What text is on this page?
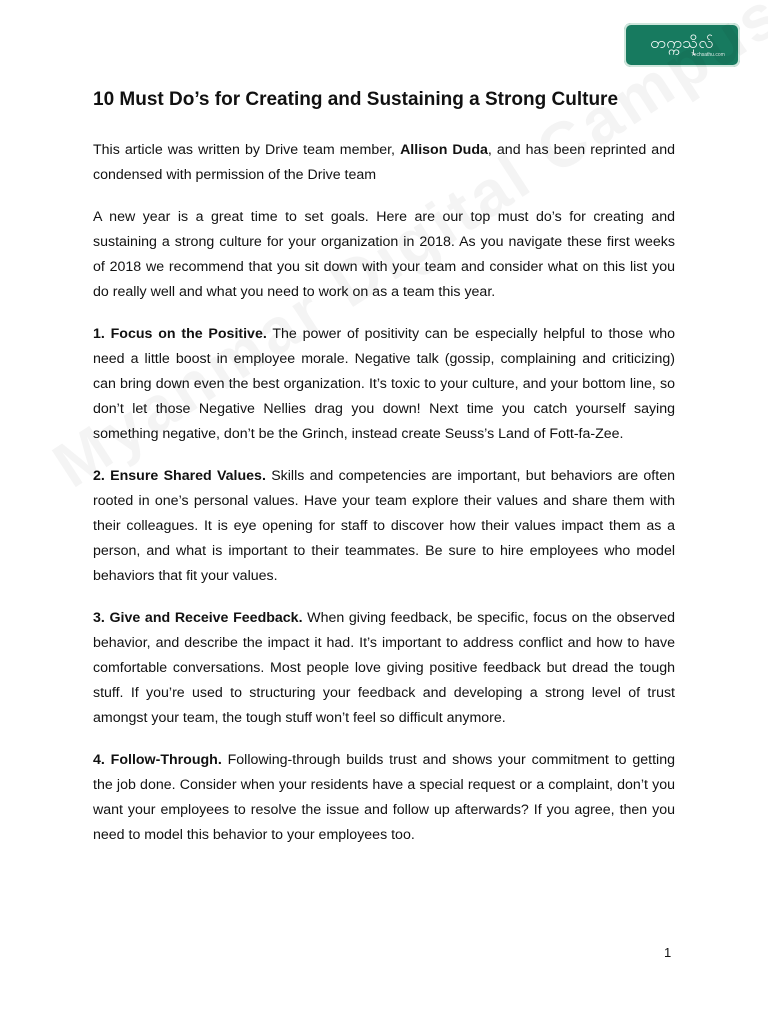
တက္ကသိုလ်
Techsathu.com
10 Must Do’s for Creating and Sustaining a Strong Culture

This article was written by Drive team member, Allison Duda, and has been reprinted and condensed with permission of the Drive team

A new year is a great time to set goals. Here are our top must do’s for creating and sustaining a strong culture for your organization in 2018. As you navigate these first weeks of 2018 we recommend that you sit down with your team and consider what on this list you do really well and what you need to work on as a team this year.

1. Focus on the Positive. The power of positivity can be especially helpful to those who need a little boost in employee morale. Negative talk (gossip, complaining and criticizing) can bring down even the best organization. It’s toxic to your culture, and your bottom line, so don’t let those Negative Nellies drag you down! Next time you catch yourself saying something negative, don’t be the Grinch, instead create Seuss’s Land of Fott-fa-Zee.

2. Ensure Shared Values. Skills and competencies are important, but behaviors are often rooted in one’s personal values. Have your team explore their values and share them with their colleagues. It is eye opening for staff to discover how their values impact them as a person, and what is important to their teammates. Be sure to hire employees who model behaviors that fit your values.

3. Give and Receive Feedback. When giving feedback, be specific, focus on the observed behavior, and describe the impact it had. It’s important to address conflict and how to have comfortable conversations. Most people love giving positive feedback but dread the tough stuff. If you’re used to structuring your feedback and developing a strong level of trust amongst your team, the tough stuff won’t feel so difficult anymore.

4. Follow-Through. Following-through builds trust and shows your commitment to getting the job done. Consider when your residents have a special request or a complaint, don’t you want your employees to resolve the issue and follow up afterwards? If you agree, then you need to model this behavior to your employees too.

1
